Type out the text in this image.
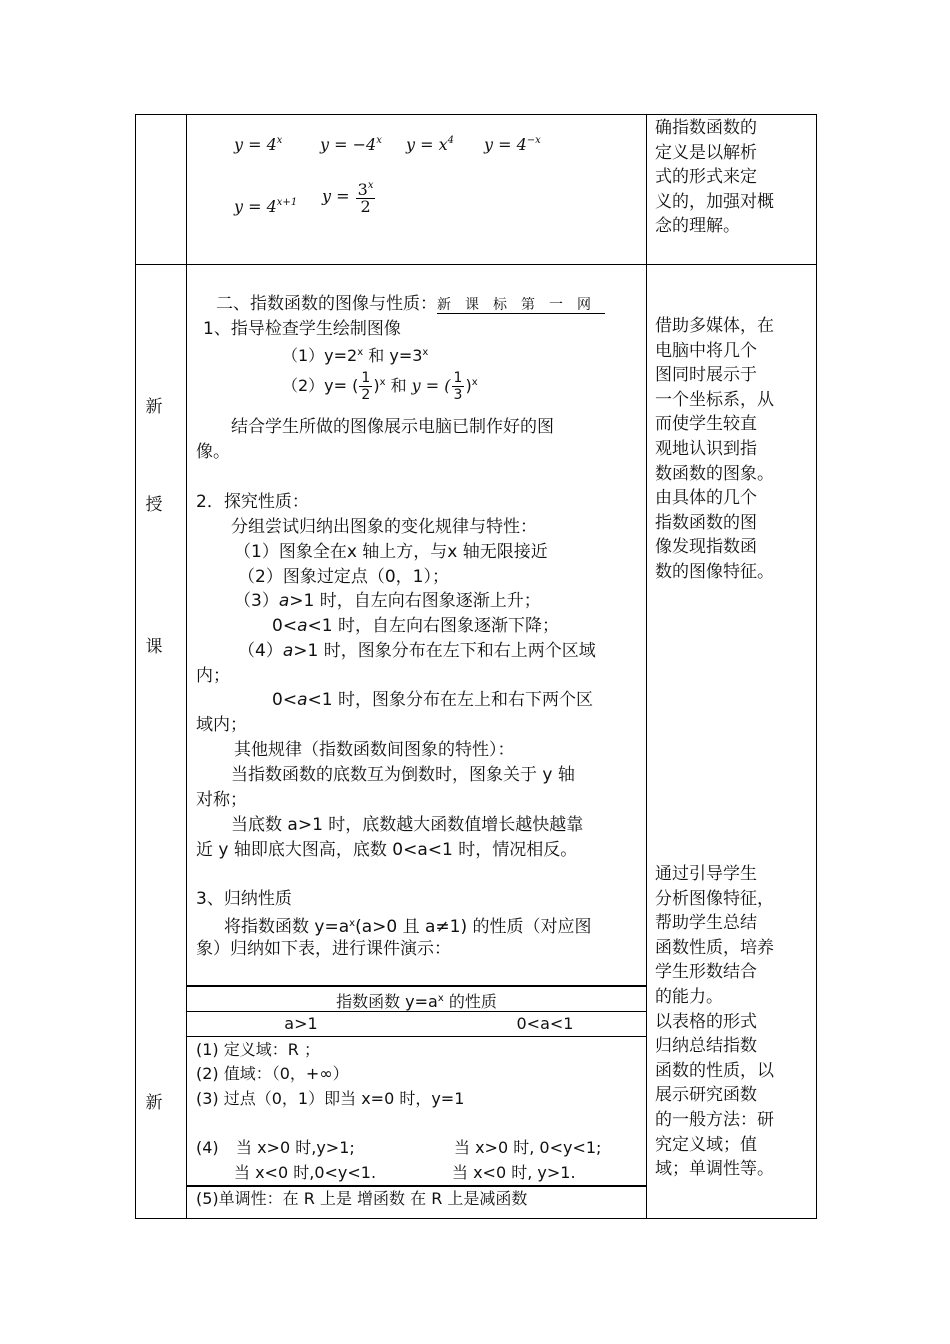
新
授
课
新
$y = 4^x$ $y = -4^x$ $y = x^4$ $y = 4^{-x}$
$y = 4^{x+1}$ $y = \frac{3^x}{2}$
确指数函数的
定义是以解析
式的形式来定
义的，加强对概
念的理解。
二、指数函数的图像与性质：新课标第一网
1、指导检查学生绘制图像
$(1)y=2^x$ 和 $y=3^x$
（2）y= ( $\frac{1}{2} )^x$ 和 y = ( $\frac{1}{3} )^x$
结合学生所做的图像展示电脑已制作好的图
像。
2．探究性质：
分组尝试归纳出图象的变化规律与特性：
（1）图象全在x 轴上方，与x 轴无限接近
（2）图象过定点（0，1）；
（3）a>1 时，自左向右图象逐渐上升；
0<a<1 时，自左向右图象逐渐下降；
（4）a>1 时，图象分布在左下和右上两个区域
内；
0<a<1 时，图象分布在左上和右下两个区
域内；
其他规律（指数函数间图象的特性）：
当指数函数的底数互为倒数时，图象关于 y 轴
对称；
当底数 a>1 时，底数越大函数值增长越快越靠
近 y 轴即底大图高，底数 0<a<1 时，情况相反。
3、归纳性质
将指数函数 $y=a^x(a>0$ 且 a≠1) 的性质（对应图
象）归纳如下表，进行课件演示：
指数函数 $y=a^x$ 的性质
a>1	0<a<1
(1) 定义域：R ；
(2) 值域：（0，+∞）
(3) 过点（0，1）即当 x=0 时，y=1
(4) 当 x>0 时,y>1;
当 x<0 时,0<y<1.
当 x>0 时, 0<y<1;
当 x<0 时, y>1.
(5)单调性：在 R 上是 增函数 在 R 上是减函数
借助多媒体，在
电脑中将几个
图同时展示于
一个坐标系，从
而使学生较直
观地认识到指
数函数的图象。
由具体的几个
指数函数的图
像发现指数函
数的图像特征。
通过引导学生
分析图像特征，
帮助学生总结
函数性质，培养
学生形数结合
的能力。
以表格的形式
归纳总结指数
函数的性质，以
展示研究函数
的一般方法：研
究定义域；值
域；单调性等。
